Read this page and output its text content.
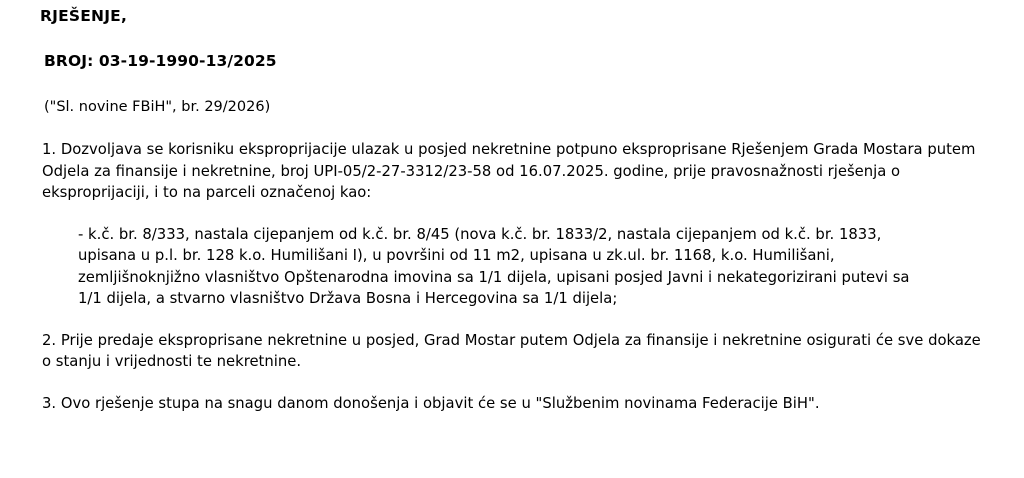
RJEŠENJE,

BROJ: 03-19-1990-13/2025

("Sl. novine FBiH", br. 29/2026)

1. Dozvoljava se korisniku eksproprijacije ulazak u posjed nekretnine potpuno eksproprisane Rješenjem Grada Mostara putem Odjela za finansije i nekretnine, broj UPI-05/2-27-3312/23-58 od 16.07.2025. godine, prije pravosnažnosti rješenja o eksproprijaciji, i to na parceli označenoj kao:

- k.č. br. 8/333, nastala cijepanjem od k.č. br. 8/45 (nova k.č. br. 1833/2, nastala cijepanjem od k.č. br. 1833, upisana u p.l. br. 128 k.o. Humilišani I), u površini od 11 m2, upisana u zk.ul. br. 1168, k.o. Humilišani, zemljišnoknjižno vlasništvo Opštenarodna imovina sa 1/1 dijela, upisani posjed Javni i nekategorizirani putevi sa 1/1 dijela, a stvarno vlasništvo Država Bosna i Hercegovina sa 1/1 dijela;

2. Prije predaje eksproprisane nekretnine u posjed, Grad Mostar putem Odjela za finansije i nekretnine osigurati će sve dokaze o stanju i vrijednosti te nekretnine.

3. Ovo rješenje stupa na snagu danom donošenja i objavit će se u "Službenim novinama Federacije BiH".
